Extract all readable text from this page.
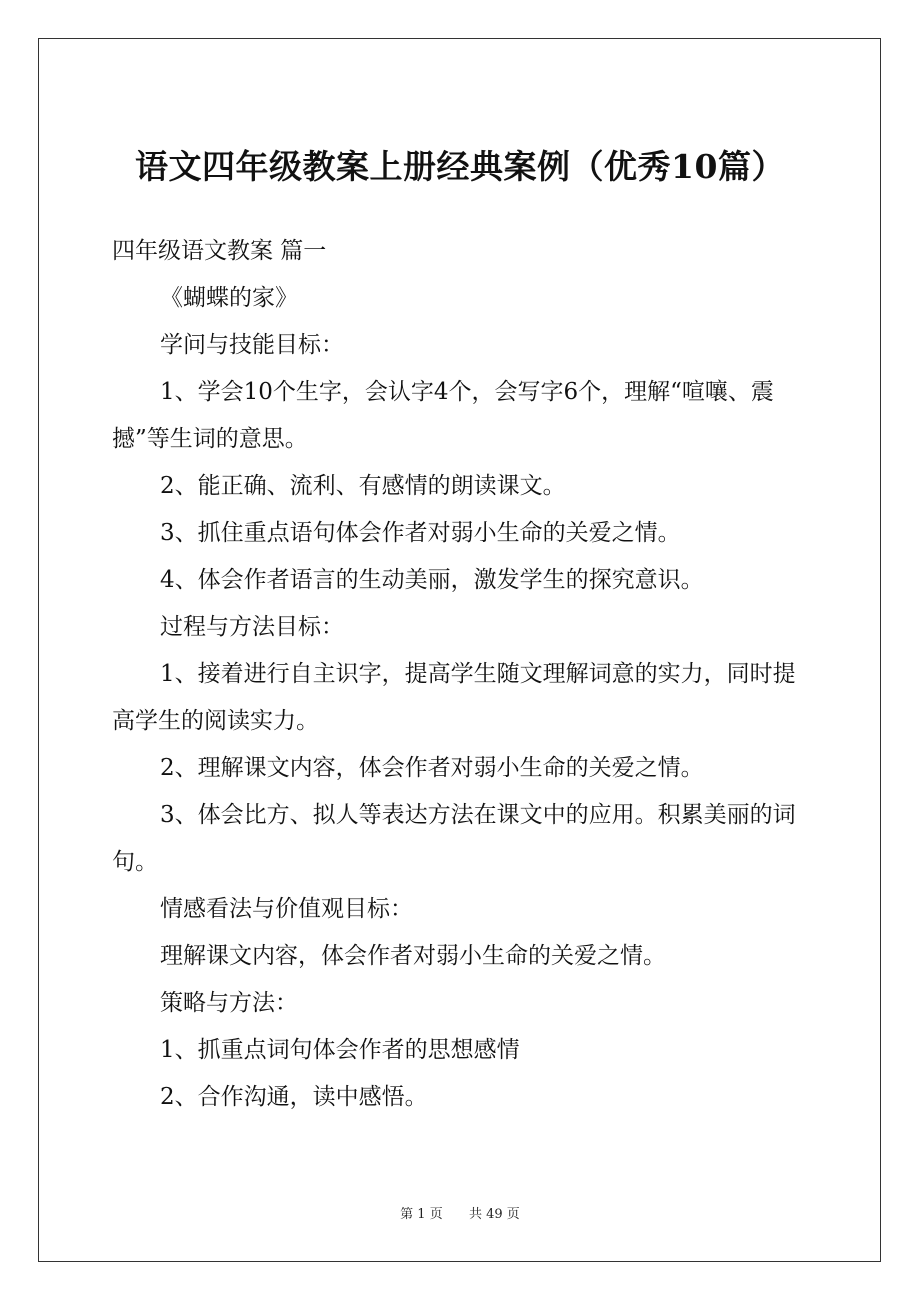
语文四年级教案上册经典案例（优秀10篇）

四年级语文教案 篇一

《蝴蝶的家》

学问与技能目标：

1、学会10个生字，会认字4个，会写字6个，理解“喧嚷、震撼”等生词的意思。

2、能正确、流利、有感情的朗读课文。

3、抓住重点语句体会作者对弱小生命的关爱之情。

4、体会作者语言的生动美丽，激发学生的探究意识。

过程与方法目标：

1、接着进行自主识字，提高学生随文理解词意的实力，同时提高学生的阅读实力。

2、理解课文内容，体会作者对弱小生命的关爱之情。

3、体会比方、拟人等表达方法在课文中的应用。积累美丽的词句。

情感看法与价值观目标：

理解课文内容，体会作者对弱小生命的关爱之情。

策略与方法：

1、抓重点词句体会作者的思想感情

2、合作沟通，读中感悟。

第 1 页 共 49 页
